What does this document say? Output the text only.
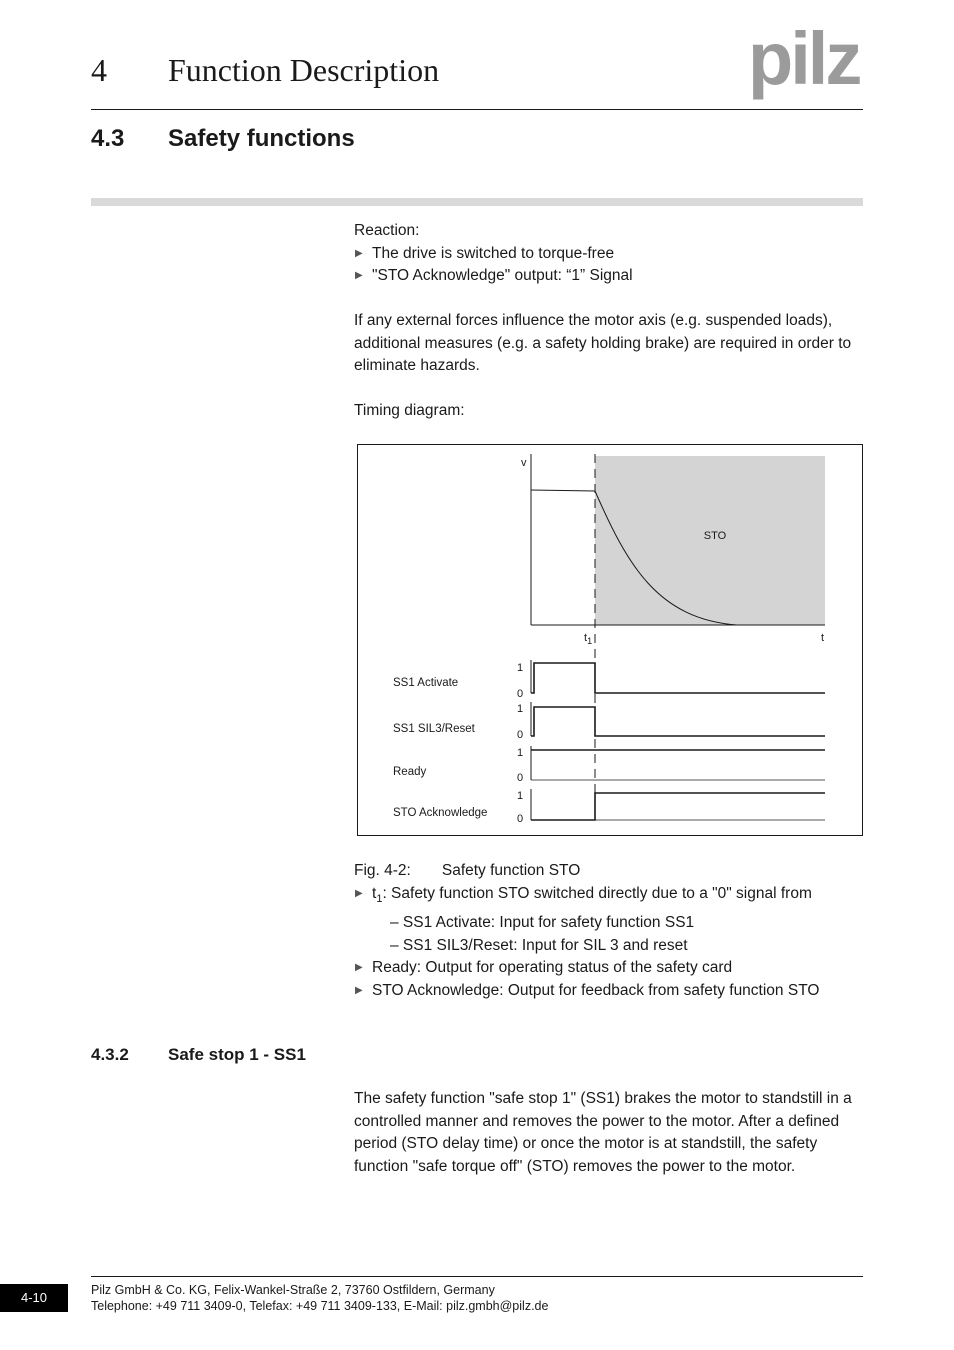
4 Function Description	pilz
4.3 Safety functions
Reaction:
▶ The drive is switched to torque-free
▶ "STO Acknowledge" output: “1” Signal
If any external forces influence the motor axis (e.g. suspended loads), additional measures (e.g. a safety holding brake) are required in order to eliminate hazards.
Timing diagram:
v
STO
$t_1$	t
SS1 Activate
1
0
SS1 SIL3/Reset
1
0
Ready
1
0
STO Acknowledge
1
0
Fig. 4-2: Safety function STO
▶ $t_1$: Safety function STO switched directly due to a "0" signal from
– SS1 Activate: Input for safety function SS1
– SS1 SIL3/Reset: Input for SIL 3 and reset
▶ Ready: Output for operating status of the safety card
▶ STO Acknowledge: Output for feedback from safety function STO
4.3.2 Safe stop 1 - SS1
The safety function "safe stop 1" (SS1) brakes the motor to standstill in a controlled manner and removes the power to the motor. After a defined period (STO delay time) or once the motor is at standstill, the safety function "safe torque off" (STO) removes the power to the motor.
4-10	Pilz GmbH & Co. KG, Felix-Wankel-Straße 2, 73760 Ostfildern, Germany
Telephone: +49 711 3409-0, Telefax: +49 711 3409-133, E-Mail: pilz.gmbh@pilz.de
